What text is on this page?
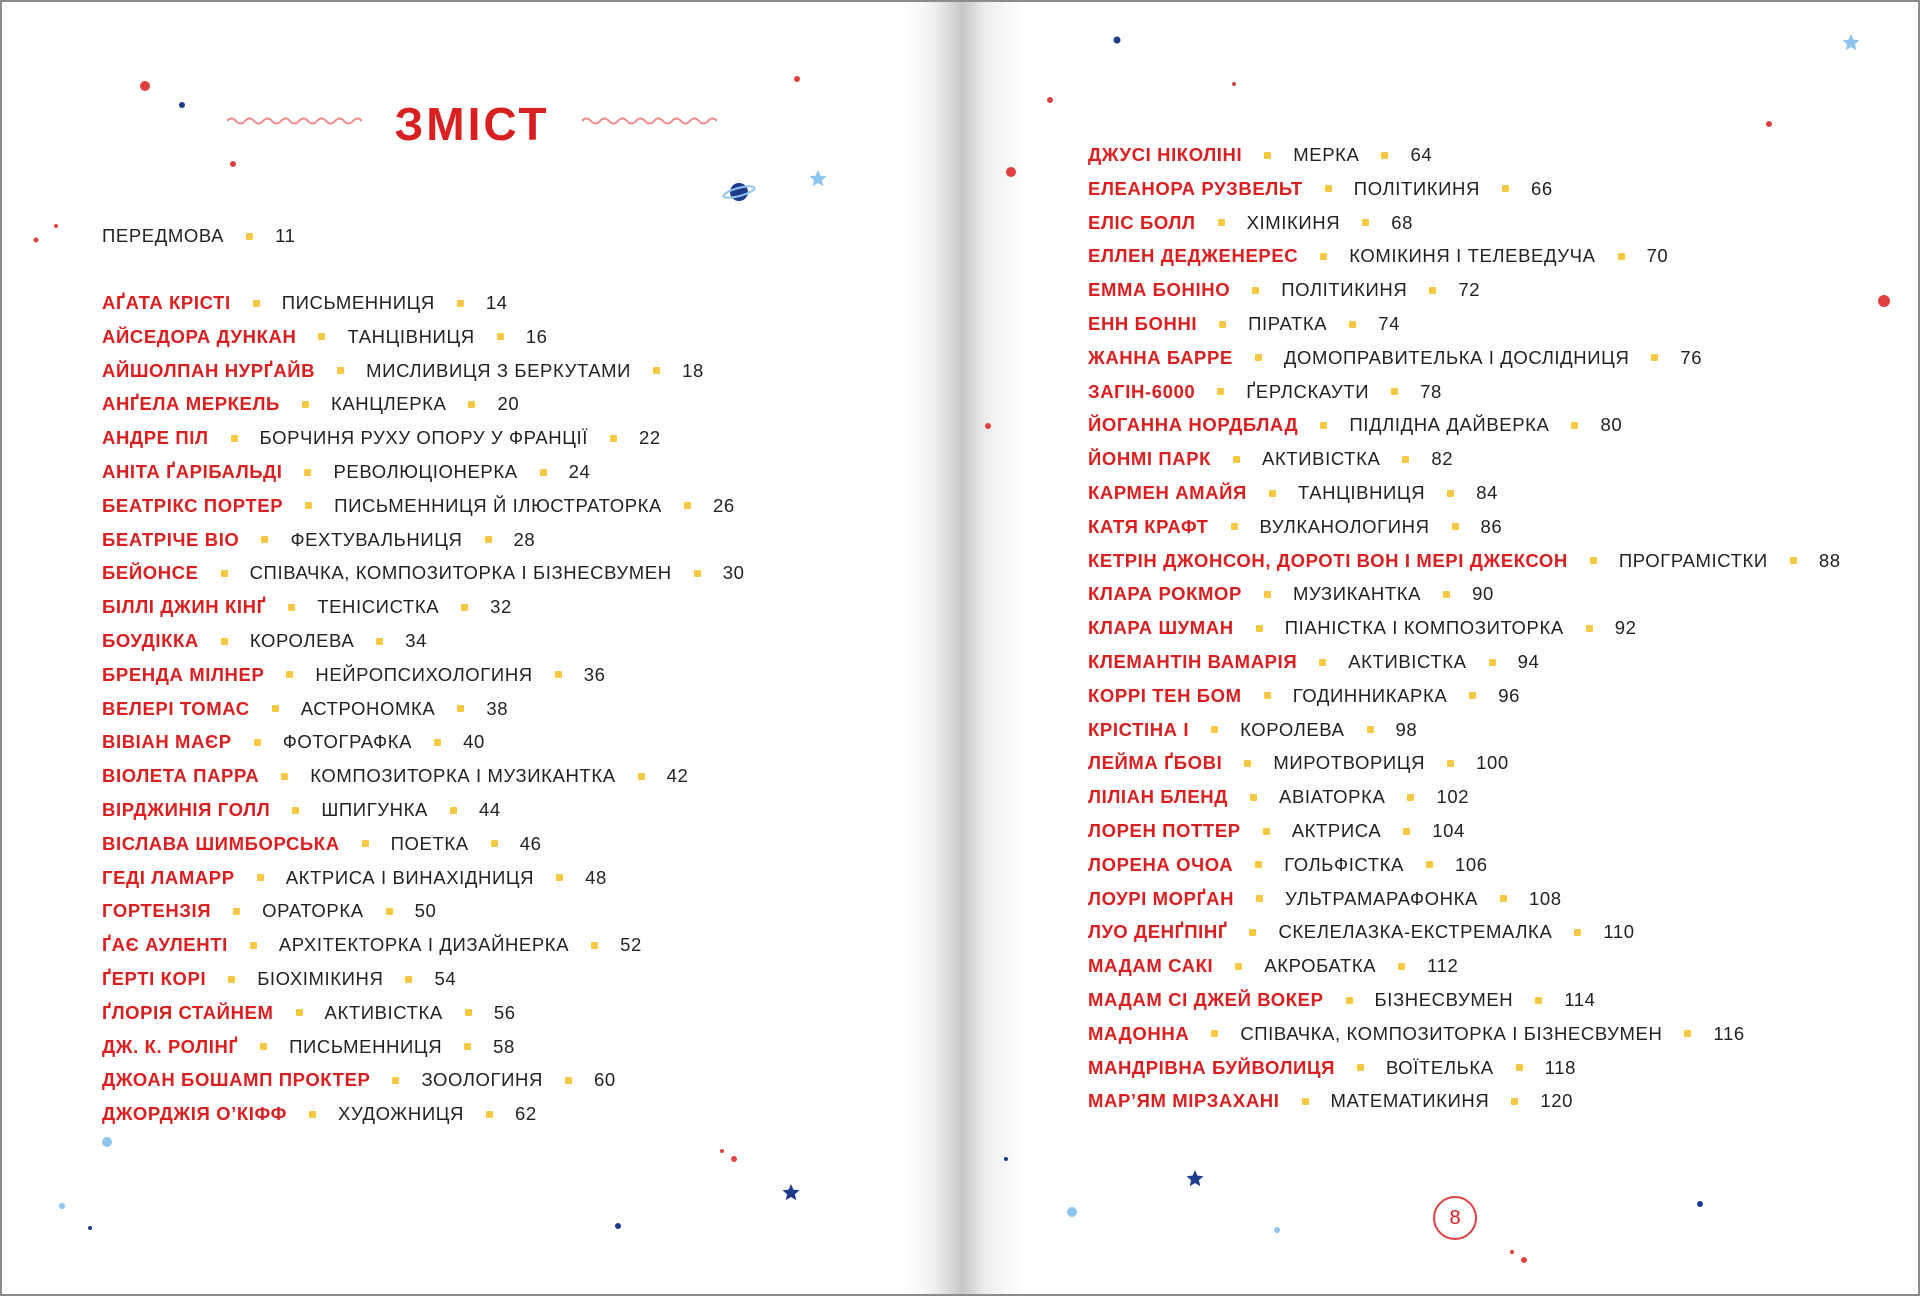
ЗМІСТ
ПЕРЕДМОВА	11
АҐАТА КРІСТІ	ПИСЬМЕННИЦЯ	14
АЙСЕДОРА ДУНКАН	ТАНЦІВНИЦЯ	16
АЙШОЛПАН НУРҐАЙВ	МИСЛИВИЦЯ З БЕРКУТАМИ	18
АНҐЕЛА МЕРКЕЛЬ	КАНЦЛЕРКА	20
АНДРЕ ПІЛ	БОРЧИНЯ РУХУ ОПОРУ У ФРАНЦІЇ	22
АНІТА ҐАРІБАЛЬДІ	РЕВОЛЮЦІОНЕРКА	24
БЕАТРІКС ПОРТЕР	ПИСЬМЕННИЦЯ Й ІЛЮСТРАТОРКА	26
БЕАТРІЧЕ ВІО	ФЕХТУВАЛЬНИЦЯ	28
БЕЙОНСЕ	СПІВАЧКА, КОМПОЗИТОРКА І БІЗНЕСВУМЕН	30
БІЛЛІ ДЖИН КІНҐ	ТЕНІСИСТКА	32
БОУДІККА	КОРОЛЕВА	34
БРЕНДА МІЛНЕР	НЕЙРОПСИХОЛОГИНЯ	36
ВЕЛЕРІ ТОМАС	АСТРОНОМКА	38
ВІВІАН МАЄР	ФОТОГРАФКА	40
ВІОЛЕТА ПАРРА	КОМПОЗИТОРКА І МУЗИКАНТКА	42
ВІРДЖИНІЯ ГОЛЛ	ШПИГУНКА	44
ВІСЛАВА ШИМБОРСЬКА	ПОЕТКА	46
ГЕДІ ЛАМАРР	АКТРИСА І ВИНАХІДНИЦЯ	48
ГОРТЕНЗІЯ	ОРАТОРКА	50
ҐАЄ АУЛЕНТІ	АРХІТЕКТОРКА І ДИЗАЙНЕРКА	52
ҐЕРТІ КОРІ	БІОХІМІКИНЯ	54
ҐЛОРІЯ СТАЙНЕМ	АКТИВІСТКА	56
ДЖ. К. РОЛІНҐ	ПИСЬМЕННИЦЯ	58
ДЖОАН БОШАМП ПРОКТЕР	ЗООЛОГИНЯ	60
ДЖОРДЖІЯ О’КІФФ	ХУДОЖНИЦЯ	62
ДЖУСІ НІКОЛІНІ	МЕРКА	64
ЕЛЕАНОРА РУЗВЕЛЬТ	ПОЛІТИКИНЯ	66
ЕЛІС БОЛЛ	ХІМІКИНЯ	68
ЕЛЛЕН ДЕДЖЕНЕРЕС	КОМІКИНЯ І ТЕЛЕВЕДУЧА	70
ЕММА БОНІНО	ПОЛІТИКИНЯ	72
ЕНН БОННІ	ПІРАТКА	74
ЖАННА БАРРЕ	ДОМОПРАВИТЕЛЬКА І ДОСЛІДНИЦЯ	76
ЗАГІН-6000	ҐЕРЛСКАУТИ	78
ЙОГАННА НОРДБЛАД	ПІДЛІДНА ДАЙВЕРКА	80
ЙОНМІ ПАРК	АКТИВІСТКА	82
КАРМЕН АМАЙЯ	ТАНЦІВНИЦЯ	84
КАТЯ КРАФТ	ВУЛКАНОЛОГИНЯ	86
КЕТРІН ДЖОНСОН, ДОРОТІ ВОН І МЕРІ ДЖЕКСОН	ПРОГРАМІСТКИ	88
КЛАРА РОКМОР	МУЗИКАНТКА	90
КЛАРА ШУМАН	ПІАНІСТКА І КОМПОЗИТОРКА	92
КЛЕМАНТІН ВАМАРІЯ	АКТИВІСТКА	94
КОРРІ ТЕН БОМ	ГОДИННИКАРКА	96
КРІСТІНА І	КОРОЛЕВА	98
ЛЕЙМА ҐБОВІ	МИРОТВОРИЦЯ	100
ЛІЛІАН БЛЕНД	АВІАТОРКА	102
ЛОРЕН ПОТТЕР	АКТРИСА	104
ЛОРЕНА ОЧОА	ГОЛЬФІСТКА	106
ЛОУРІ МОРҐАН	УЛЬТРАМАРАФОНКА	108
ЛУО ДЕНҐПІНҐ	СКЕЛЕЛАЗКА-ЕКСТРЕМАЛКА	110
МАДАМ САКІ	АКРОБАТКА	112
МАДАМ СІ ДЖЕЙ ВОКЕР	БІЗНЕСВУМЕН	114
МАДОННА	СПІВАЧКА, КОМПОЗИТОРКА І БІЗНЕСВУМЕН	116
МАНДРІВНА БУЙВОЛИЦЯ	ВОЇТЕЛЬКА	118
МАР’ЯМ МІРЗАХАНІ	МАТЕМАТИКИНЯ	120
8
